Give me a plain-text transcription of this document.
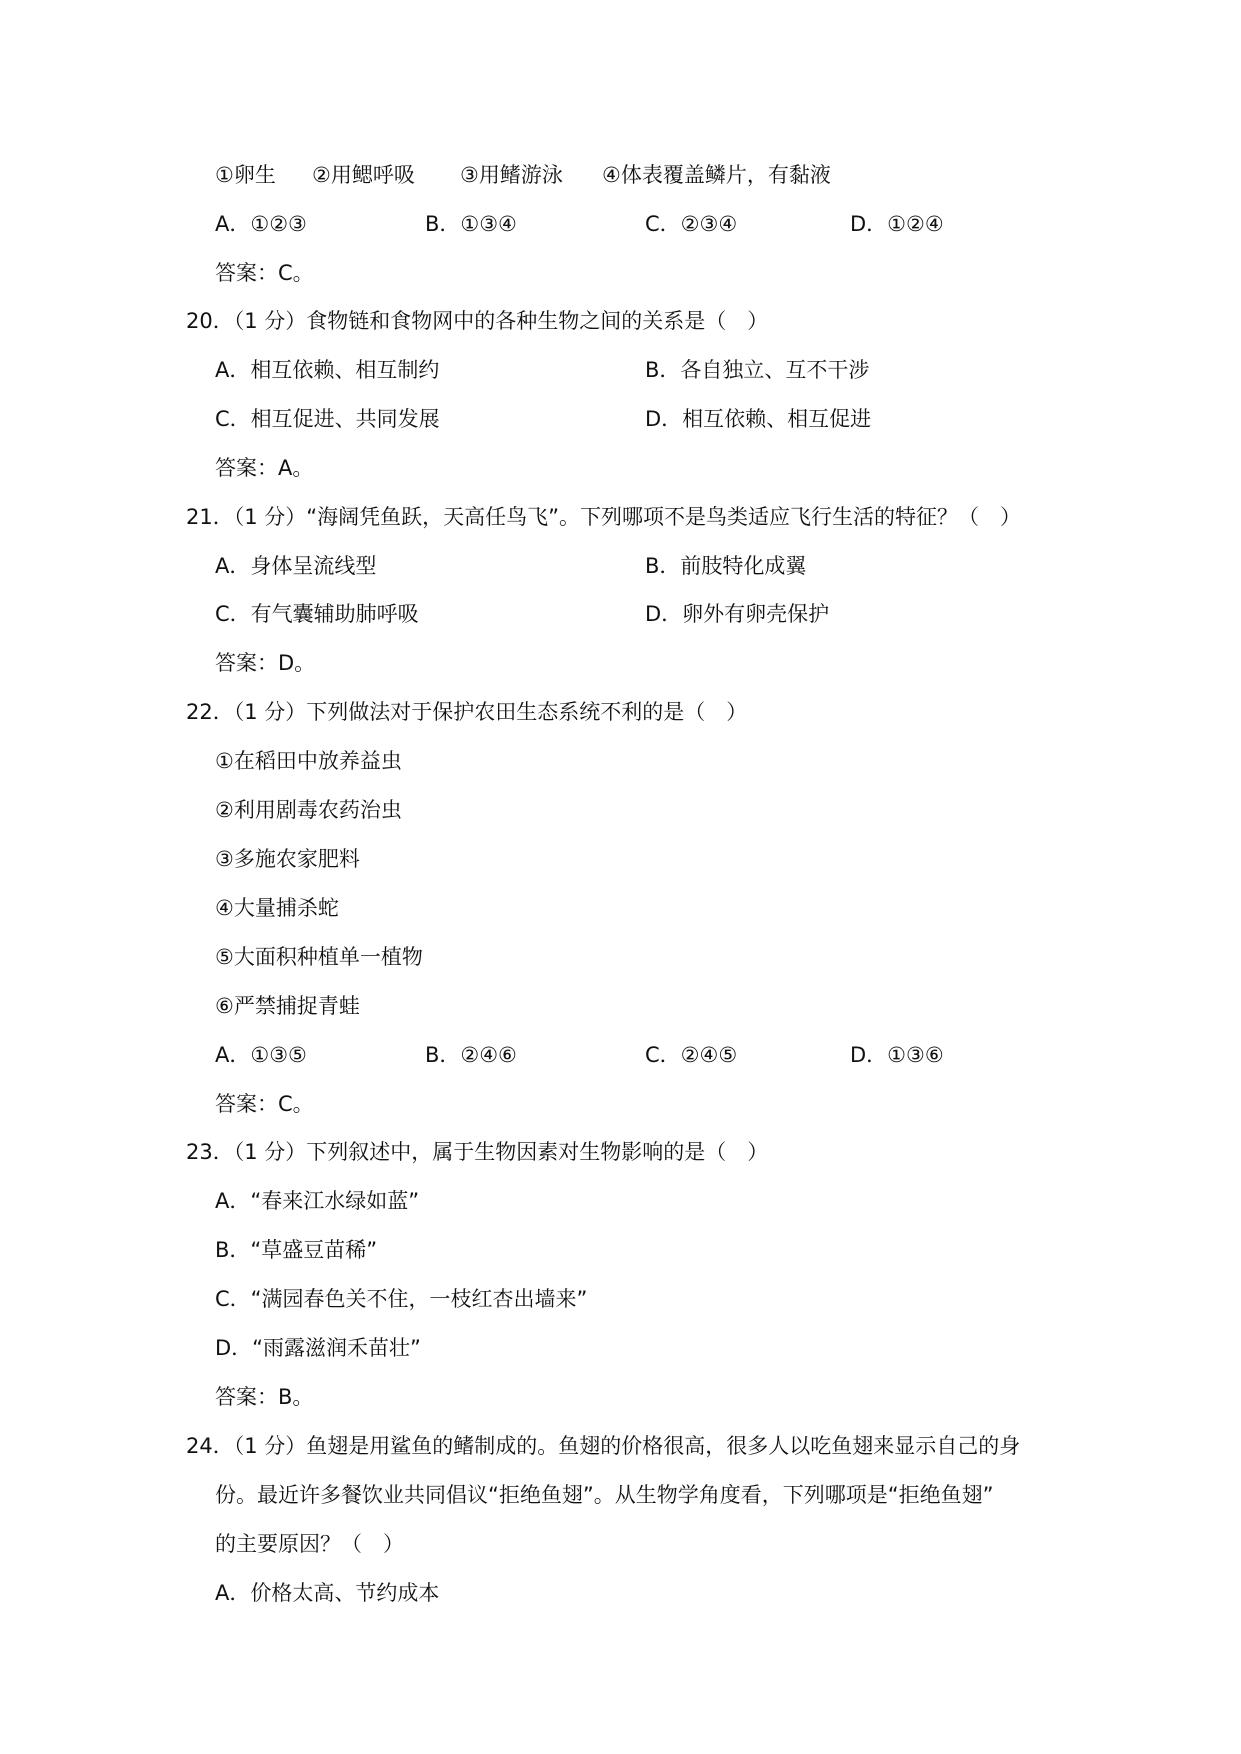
①卵生 ②用鳃呼吸 ③用鳍游泳 ④体表覆盖鳞片，有黏液
A．①②③	B．①③④	C．②③④	D．①②④
答案：C。
20．（1 分）食物链和食物网中的各种生物之间的关系是（　）
A．相互依赖、相互制约	B．各自独立、互不干涉
C．相互促进、共同发展	D．相互依赖、相互促进
答案：A。
21．（1 分）“海阔凭鱼跃，天高任鸟飞”。下列哪项不是鸟类适应飞行生活的特征？（　）
A．身体呈流线型	B．前肢特化成翼
C．有气囊辅助肺呼吸	D．卵外有卵壳保护
答案：D。
22．（1 分）下列做法对于保护农田生态系统不利的是（　）
①在稻田中放养益虫
②利用剧毒农药治虫
③多施农家肥料
④大量捕杀蛇
⑤大面积种植单一植物
⑥严禁捕捉青蛙
A．①③⑤	B．②④⑥	C．②④⑤	D．①③⑥
答案：C。
23．（1 分）下列叙述中，属于生物因素对生物影响的是（　）
A．“春来江水绿如蓝”
B．“草盛豆苗稀”
C．“满园春色关不住，一枝红杏出墙来”
D．“雨露滋润禾苗壮”
答案：B。
24．（1 分）鱼翅是用鲨鱼的鳍制成的。鱼翅的价格很高，很多人以吃鱼翅来显示自己的身
份。最近许多餐饮业共同倡议“拒绝鱼翅”。从生物学角度看，下列哪项是“拒绝鱼翅”
的主要原因？（　）
A．价格太高、节约成本
